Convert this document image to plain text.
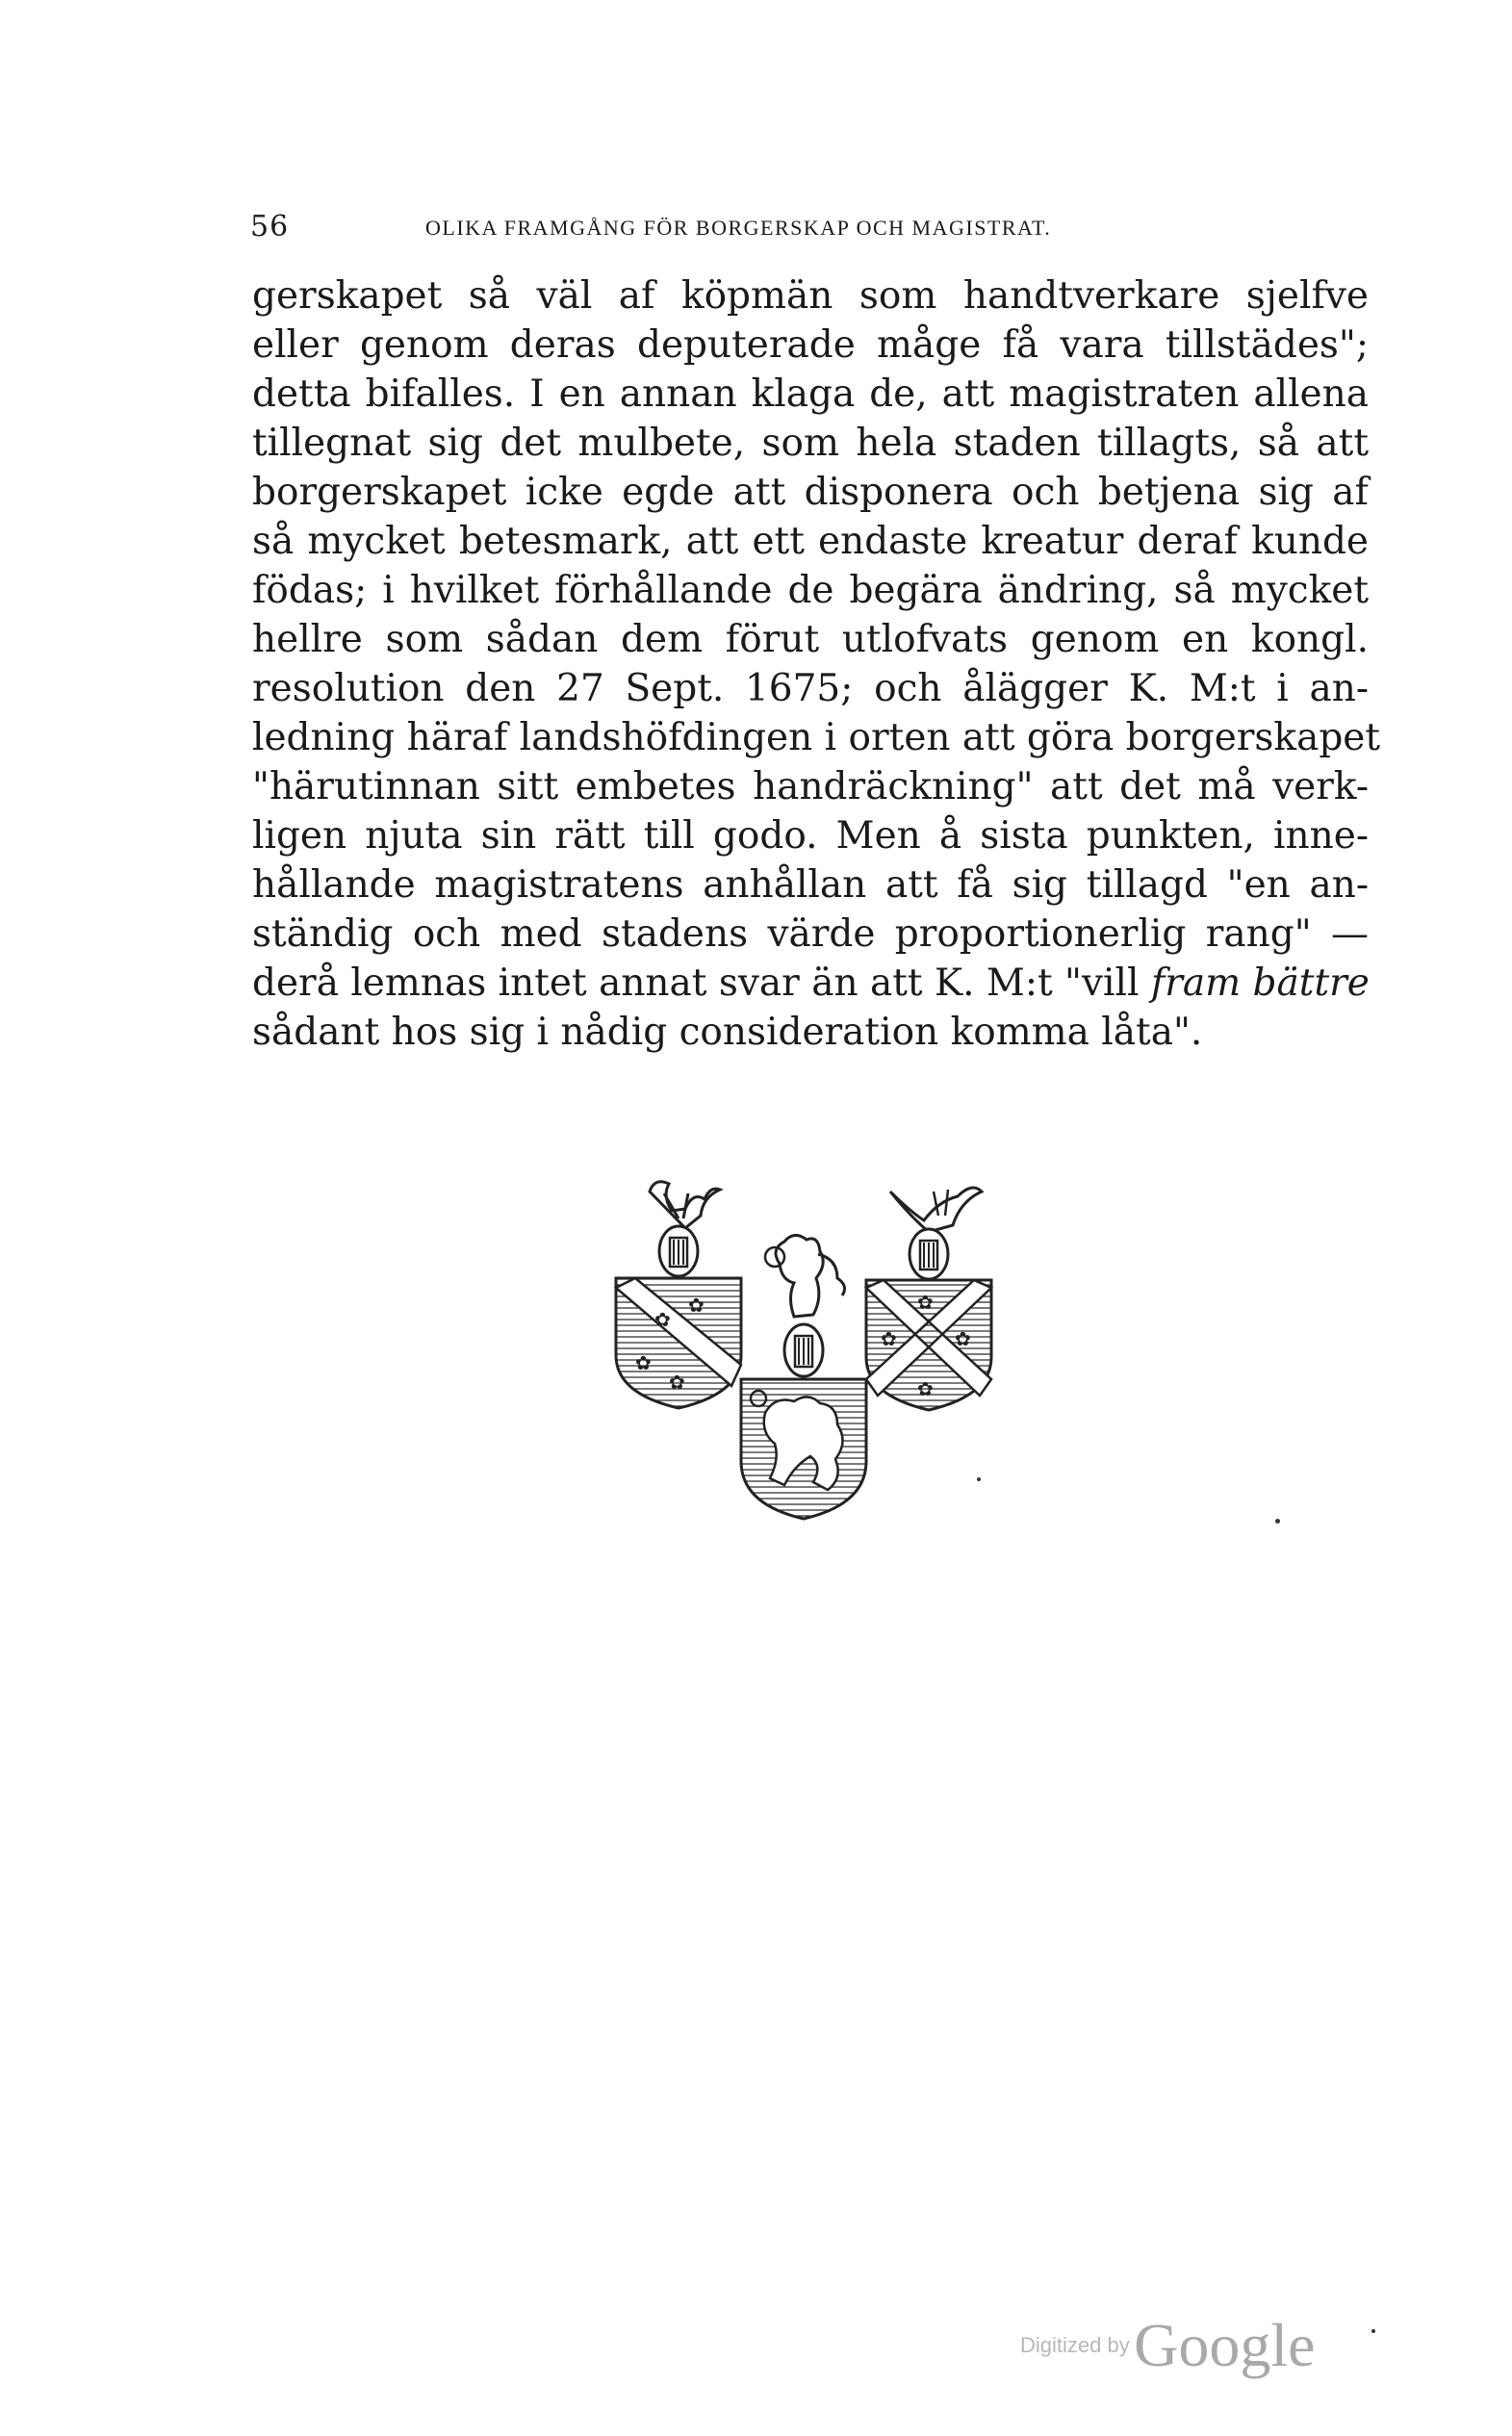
56	OLIKA FRAMGÅNG FÖR BORGERSKAP OCH MAGISTRAT.
gerskapet så väl af köpmän som handtverkare sjelfve
eller genom deras deputerade måge få vara tillstädes";
detta bifalles. I en annan klaga de, att magistraten allena
tillegnat sig det mulbete, som hela staden tillagts, så att
borgerskapet icke egde att disponera och betjena sig af
så mycket betesmark, att ett endaste kreatur deraf kunde
födas; i hvilket förhållande de begära ändring, så mycket
hellre som sådan dem förut utlofvats genom en kongl.
resolution den 27 Sept. 1675; och ålägger K. M:t i an-
ledning häraf landshöfdingen i orten att göra borgerskapet
"härutinnan sitt embetes handräckning" att det må verk-
ligen njuta sin rätt till godo. Men å sista punkten, inne-
hållande magistratens anhållan att få sig tillagd "en an-
ständig och med stadens värde proportionerlig rang" —
derå lemnas intet annat svar än att K. M:t "vill fram bättre
sådant hos sig i nådig consideration komma låta".
✿
✿
✿
✿
✿
✿	✿
✿
Digitized by Google
